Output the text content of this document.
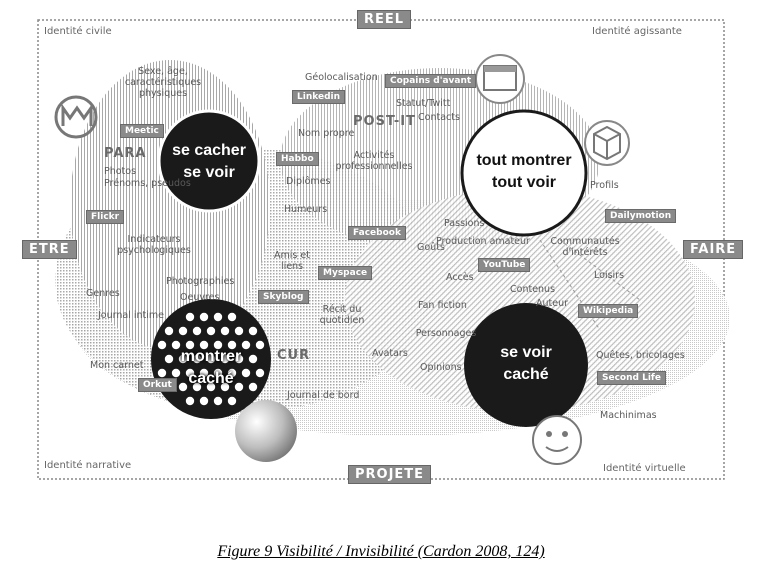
REEL
PROJETE
ETRE	FAIRE
Identité civile	Identité agissante
Identité narrative	Identité virtuelle
PARA
POST-IT
CUR
Sexe, âge, caractéristiques physiques
Photos
Prénoms, pseudos
Indicateurs psychologiques
Genres
Journal intime
Photographies
Mon carnet
Géolocalisation
Statut/Twitt
Contacts
Nom propre
Activités professionnelles
Diplômes
Humeurs
Amis et liens
Goûts
Récit du quotidien
Passions
Communautés d'intérêts
Production amateur
Fan fiction
Personnages
Quêtes, bricolages
Machinimas
Journal de bord
Avatars
Opinions
Loisirs
Profils
Accès
Contenus
Auteur
Oeuvres
Meetic
Flickr
Facebook
Linkedin
Copains d'avant
Myspace
Skyblog
Dailymotion
YouTube
Second Life
Wikipedia
Habbo
Orkut
se cacher
se voir
tout montrer
tout voir
montrer
caché
se voir
caché
Figure 9 Visibilité / Invisibilité (Cardon 2008, 124)
